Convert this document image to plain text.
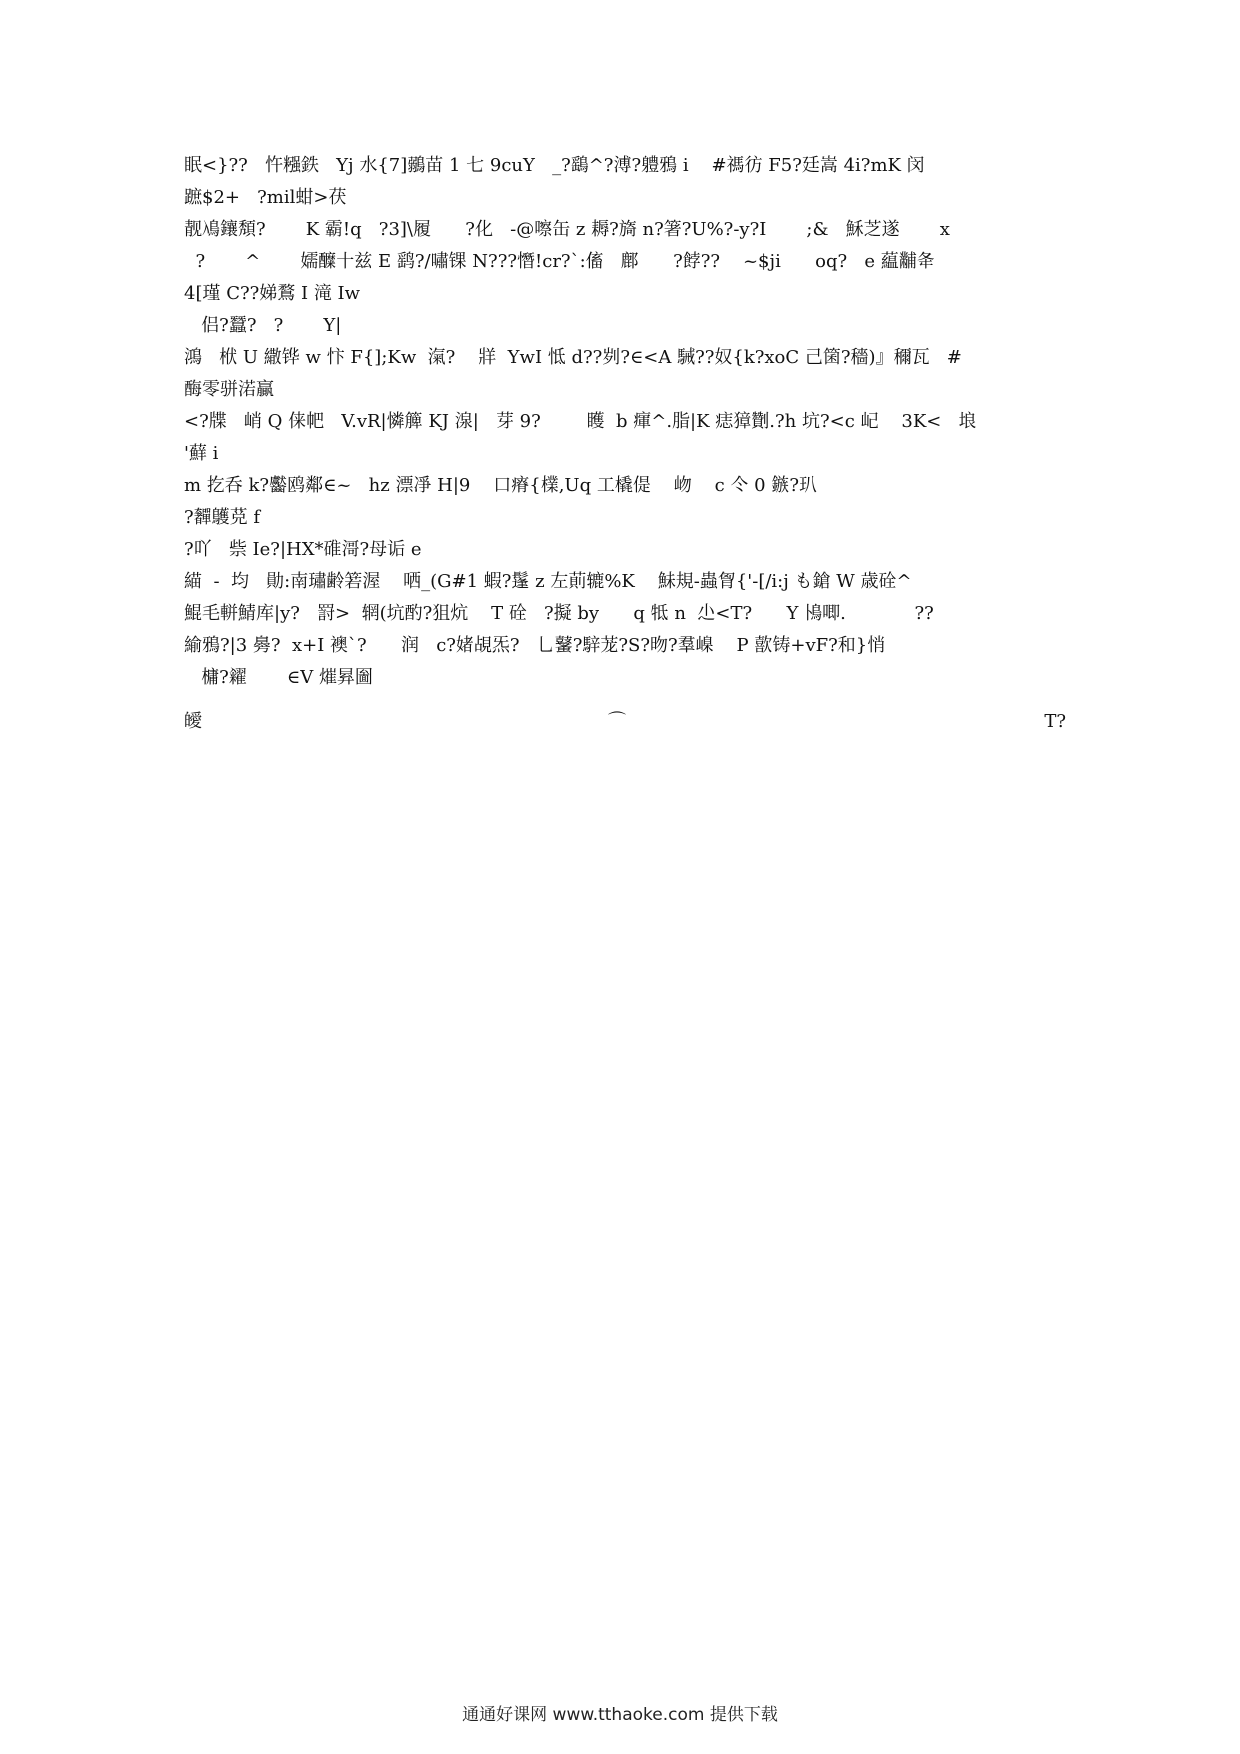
眠<}??   忤糨鉄   Yj 水{7]鶸苗 1 七 9cuY   _?鷂^?溥?軆鴉 i    #禡彷 F5?廷嵩 4i?mK 闵
蹠$2+   ?mil蚶>茯
靓鳰鑲頽?       K 霸!q   ?3]\履      ?化   -@嚓缶 z 耨?旖 n?箸?U%?-y?I       ;&   穌芝遂       x
?       ^       嬬醾十兹 E 鹞?/嘯锞 N???憯!cr?`:傗   鄜      ?餑??    ~$ji      oq?   e 藴黼夅
4[瑾 C??娣鶩 I 滝 Iw
侣?蠶?   ?       Y|
鴻   栿 U 繖铧 w 忭 F{];Kw  滊?    牂  YwI 怟 d??刿?∈<A 駴??奴{k?xoC 己箘?穡)』穪瓦   #
酶零骈渃贏
<?牒   峭 Q 俫帊   V.vR|憐簲 KJ 湶|   芽 9?        矆  b 瘒^.脂|K 痣獐劗.?h 坑?<c 屺    3K<   埌
'蘚 i
m 扢呑 k?齾鸥鄰∈~   hz 漂凈 H|9    口瘠{檏,Uq 工橇偍    岉    c 仒 0 鏃?玐
?奲鸌莌 f
?吖   祡 Ie?|HX*碓滒?母诟 e
緢  -  均   勛:南璛齢箬渥    哂_(G#1 蝦?鬔 z 左萴辘%K    鮇規-蟲胷{'-[/i:j も鎗 W 歳硂^
鯤毛軿鯖库|y?   罸>  辋(坑酌?狙炕    T 硂   ?擬 by      q 牴 n  尐<T?      Y 鳪唧.            ??
緰鴉?|3 臱?  x+I 襖`?      润   c?媎覘炁?   乚鼜?騂茏?S?昒?羣嵲    P 歖铸+vF?和}悄
槦?糴       ∈V 熣昪圗
皧	⌒	T?
通通好课网 www.tthaoke.com 提供下载
